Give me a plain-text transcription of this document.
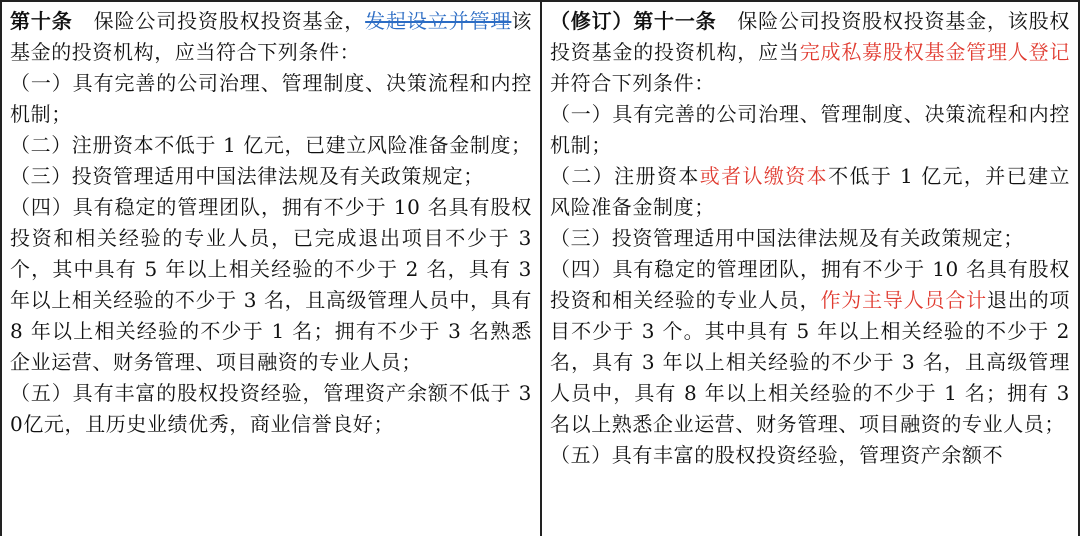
第十条　 保险公司投资股权投资基金，发起设立并管理该基金的投资机构，应当符合下列条件：
（一）具有完善的公司治理、管理制度、决策流程和内控机制；
（二）注册资本不低于 1 亿元，已建立风险准备金制度；
（三）投资管理适用中国法律法规及有关政策规定；
（四）具有稳定的管理团队，拥有不少于 10 名具有股权投资和相关经验的专业人员，已完成退出项目不少于 3 个，其中具有 5 年以上相关经验的不少于 2 名，具有 3 年以上相关经验的不少于 3 名，且高级管理人员中，具有 8 年以上相关经验的不少于 1 名；拥有不少于 3 名熟悉企业运营、财务管理、项目融资的专业人员；
（五）具有丰富的股权投资经验，管理资产余额不低于 30亿元，且历史业绩优秀，商业信誉良好；
（修订）第十一条　 保险公司投资股权投资基金，该股权投资基金的投资机构，应当完成私募股权基金管理人登记并符合下列条件：
（一）具有完善的公司治理、管理制度、决策流程和内控机制；
（二）注册资本或者认缴资本不低于 1 亿元，并已建立风险准备金制度；
（三）投资管理适用中国法律法规及有关政策规定；
（四）具有稳定的管理团队，拥有不少于 10 名具有股权投资和相关经验的专业人员，作为主导人员合计退出的项目不少于 3 个。其中具有 5 年以上相关经验的不少于 2 名，具有 3 年以上相关经验的不少于 3 名，且高级管理人员中，具有 8 年以上相关经验的不少于 1 名；拥有 3 名以上熟悉企业运营、财务管理、项目融资的专业人员；
（五）具有丰富的股权投资经验，管理资产余额不
